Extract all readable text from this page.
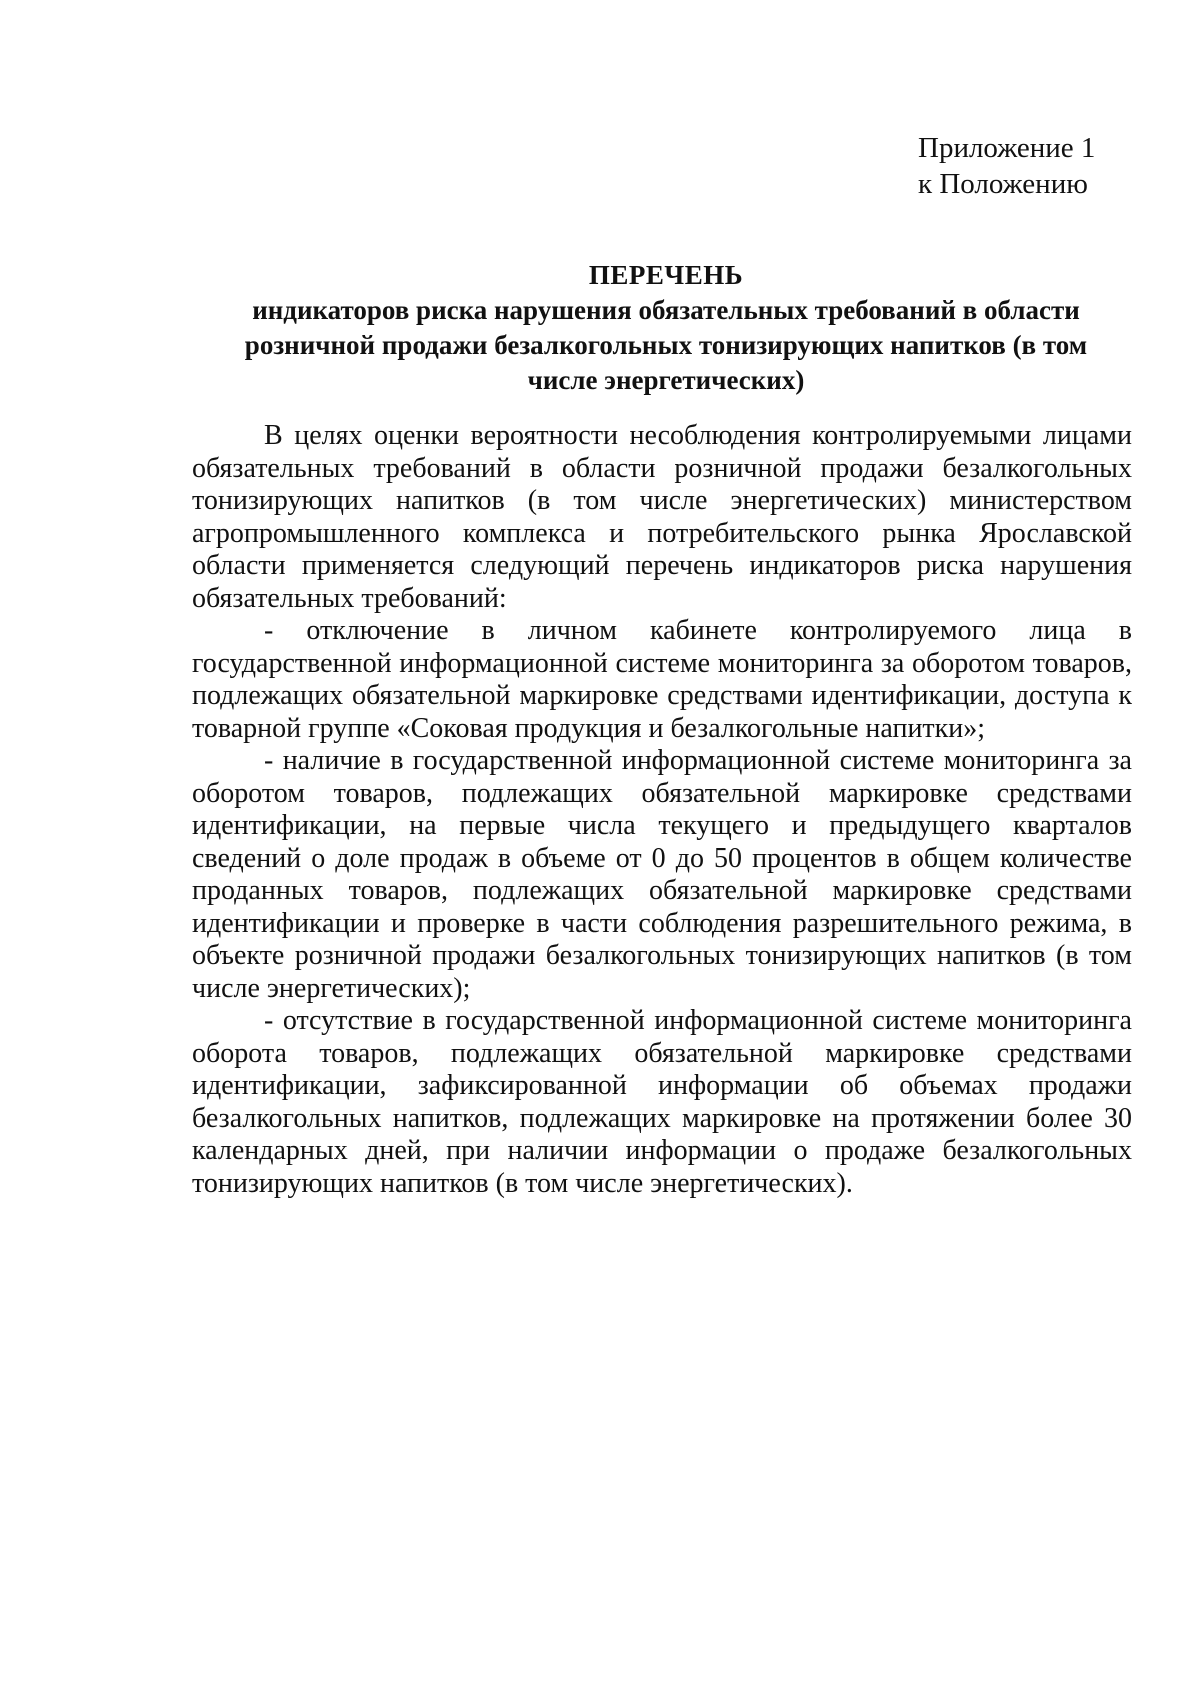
Приложение 1
к Положению
ПЕРЕЧЕНЬ
индикаторов риска нарушения обязательных требований в области
розничной продажи безалкогольных тонизирующих напитков (в том
числе энергетических)

В целях оценки вероятности несоблюдения контролируемыми лицами обязательных требований в области розничной продажи безалкогольных тонизирующих напитков (в том числе энергетических) министерством агропромышленного комплекса и потребительского рынка Ярославской области применяется следующий перечень индикаторов риска нарушения обязательных требований:

- отключение в личном кабинете контролируемого лица в государственной информационной системе мониторинга за оборотом товаров, подлежащих обязательной маркировке средствами идентификации, доступа к товарной группе «Соковая продукция и безалкогольные напитки»;

- наличие в государственной информационной системе мониторинга за оборотом товаров, подлежащих обязательной маркировке средствами идентификации, на первые числа текущего и предыдущего кварталов сведений о доле продаж в объеме от 0 до 50 процентов в общем количестве проданных товаров, подлежащих обязательной маркировке средствами идентификации и проверке в части соблюдения разрешительного режима, в объекте розничной продажи безалкогольных тонизирующих напитков (в том числе энергетических);

- отсутствие в государственной информационной системе мониторинга оборота товаров, подлежащих обязательной маркировке средствами идентификации, зафиксированной информации об объемах продажи безалкогольных напитков, подлежащих маркировке на протяжении более 30 календарных дней, при наличии информации о продаже безалкогольных тонизирующих напитков (в том числе энергетических).
